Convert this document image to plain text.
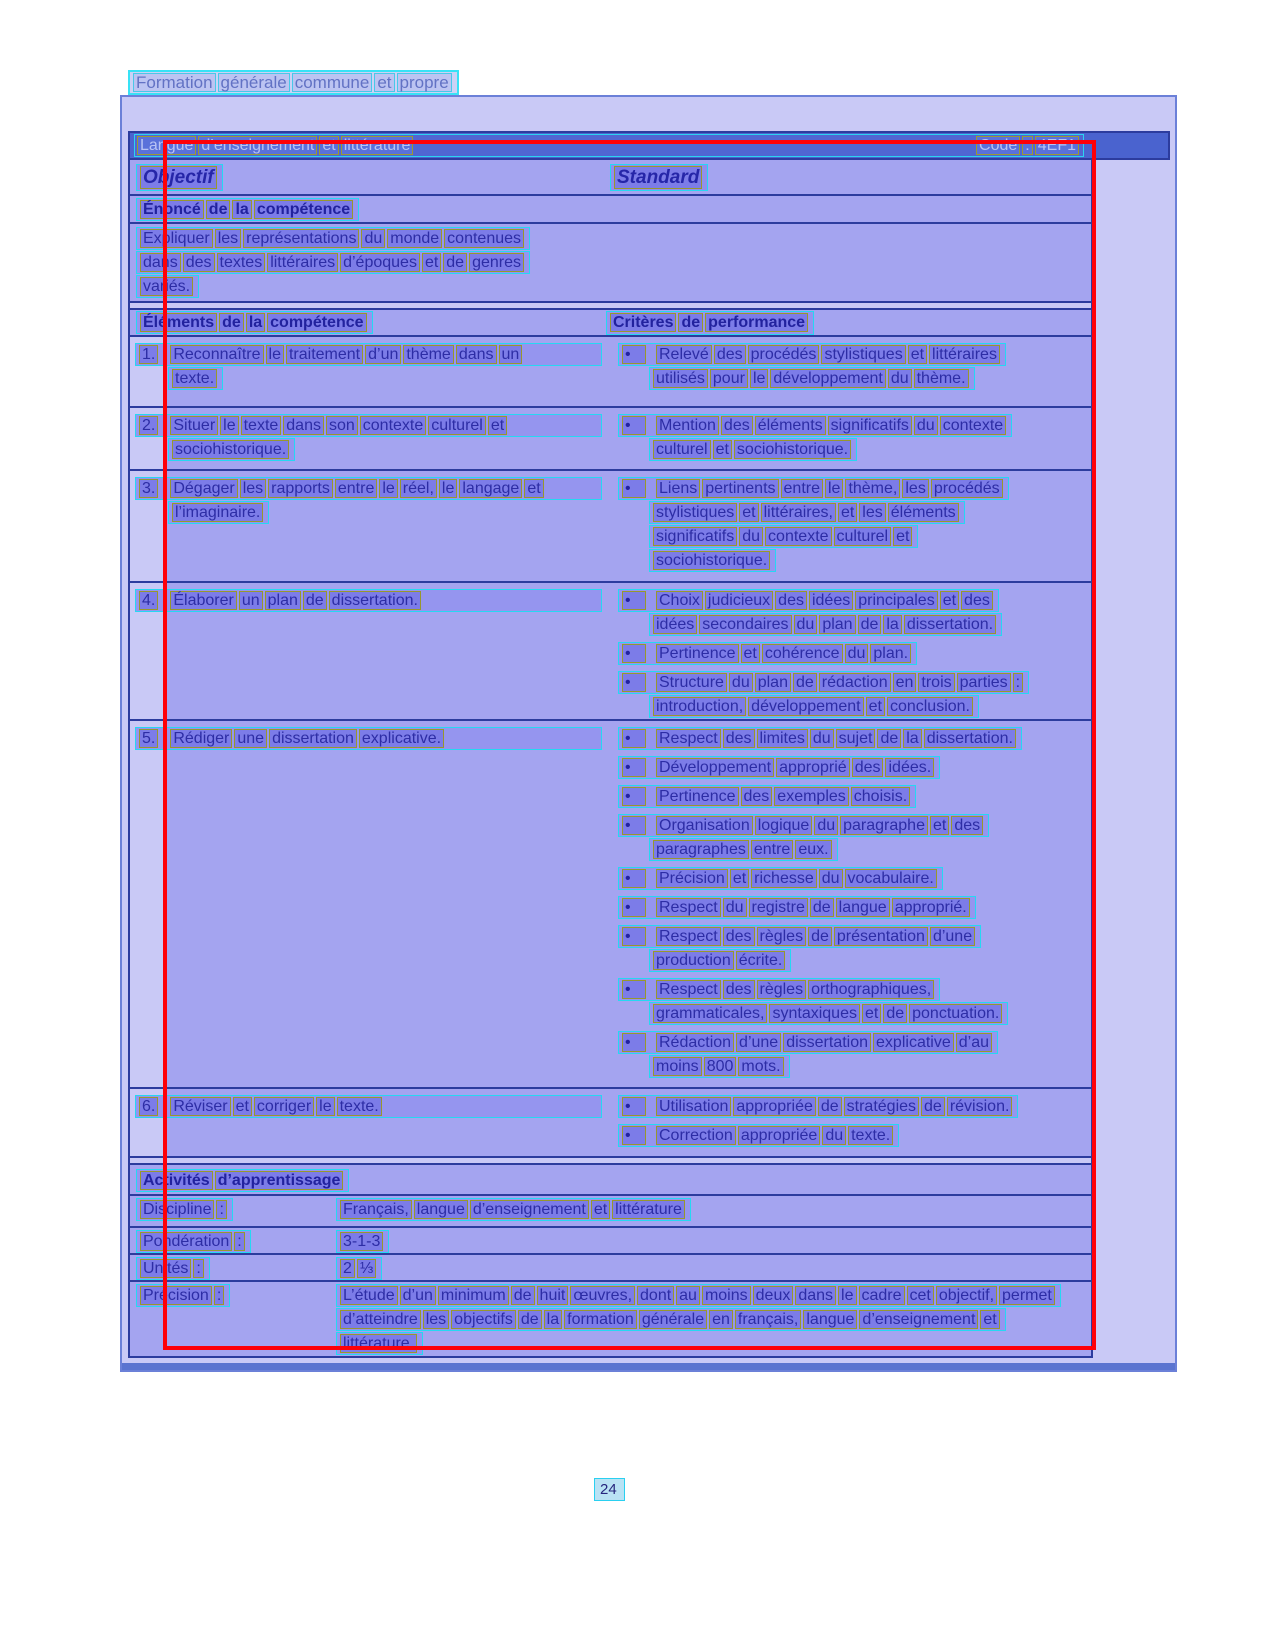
Formation générale commune et propre
Langue d’enseignement et littérature	Code : 4EF1
Objectif	Standard
Énoncé de la compétence
Expliquer les représentations du monde contenues
dans des textes littéraires d’époques et de genres
variés.
Éléments de la compétence	Critères de performance
1. Reconnaître le traitement d’un thème dans un
texte.
• Relevé des procédés stylistiques et littéraires
utilisés pour le développement du thème.
2. Situer le texte dans son contexte culturel et
sociohistorique.
• Mention des éléments significatifs du contexte
culturel et sociohistorique.
3. Dégager les rapports entre le réel, le langage et
l’imaginaire.
• Liens pertinents entre le thème, les procédés
stylistiques et littéraires, et les éléments
significatifs du contexte culturel et
sociohistorique.
4. Élaborer un plan de dissertation.	• Choix judicieux des idées principales et des
idées secondaires du plan de la dissertation.
• Pertinence et cohérence du plan.
• Structure du plan de rédaction en trois parties :
introduction, développement et conclusion.
5. Rédiger une dissertation explicative.	• Respect des limites du sujet de la dissertation.
• Développement approprié des idées.
• Pertinence des exemples choisis.
• Organisation logique du paragraphe et des
paragraphes entre eux.
• Précision et richesse du vocabulaire.
• Respect du registre de langue approprié.
• Respect des règles de présentation d’une
production écrite.
• Respect des règles orthographiques,
grammaticales, syntaxiques et de ponctuation.
• Rédaction d’une dissertation explicative d’au
moins 800 mots.
6. Réviser et corriger le texte.	• Utilisation appropriée de stratégies de révision.
• Correction appropriée du texte.
Activités d’apprentissage
Discipline :	Français, langue d’enseignement et littérature
Pondération :	3-1-3
Unités :	2 ⅓
Précision :	L’étude d’un minimum de huit œuvres, dont au moins deux dans le cadre cet objectif, permet
d’atteindre les objectifs de la formation générale en français, langue d’enseignement et
littérature.
24
